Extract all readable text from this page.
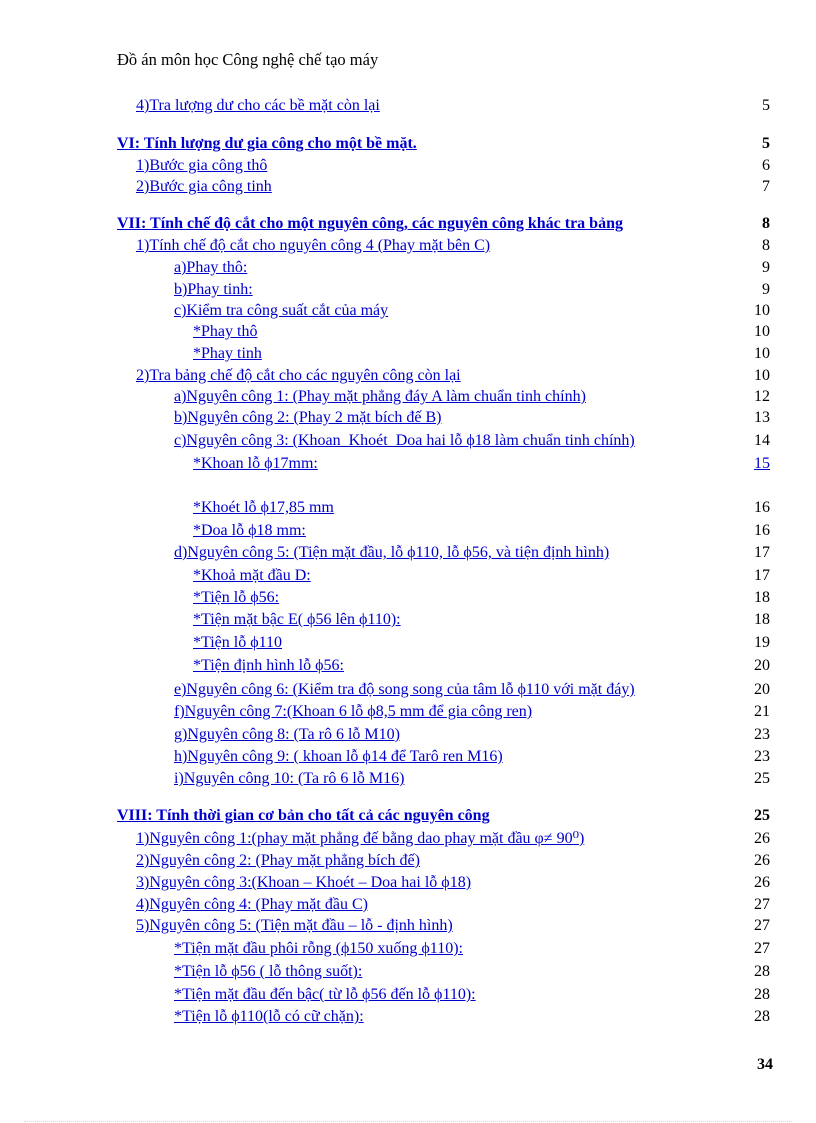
Đồ án môn học Công nghệ chế tạo máy
4)Tra lượng dư cho các bề mặt còn lại	5
VI: Tính lượng dư gia công cho một bề mặt.	5
1)Bước gia công thô	6
2)Bước gia công tinh	7
VII: Tính chế độ cắt cho một nguyên công, các nguyên công khác tra bảng	8
1)Tính chế độ cắt cho nguyên công 4 (Phay mặt bên C)	8
a)Phay thô:	9
b)Phay tinh:	9
c)Kiểm tra công suất cắt của máy	10
*Phay thô	10
*Phay tinh	10
2)Tra bảng chế độ cắt cho các nguyên công còn lại	10
a)Nguyên công 1: (Phay mặt phẳng đáy A làm chuẩn tinh chính)	12
b)Nguyên công 2: (Phay 2 mặt bích đế B)	13
c)Nguyên công 3: (Khoan_Khoét_Doa hai lỗ ϕ18 làm chuẩn tinh chính)	14
*Khoan lỗ ϕ17mm:	15
*Khoét lỗ ϕ17,85 mm	16
*Doa lỗ ϕ18 mm:	16
d)Nguyên công 5: (Tiện mặt đầu, lỗ ϕ110, lỗ ϕ56, và tiện định hình)	17
*Khoả mặt đầu D:	17
*Tiện lỗ ϕ56:	18
*Tiện mặt bậc E( ϕ56 lên ϕ110):	18
*Tiện lỗ ϕ110	19
*Tiện định hình lỗ ϕ56:	20
e)Nguyên công 6: (Kiểm tra độ song song của tâm lỗ ϕ110 với mặt đáy)	20
f)Nguyên công 7:(Khoan 6 lỗ ϕ8,5 mm để gia công ren)	21
g)Nguyên công 8: (Ta rô 6 lỗ M10)	23
h)Nguyên công 9: ( khoan lỗ ϕ14 để Tarô ren M16)	23
i)Nguyên công 10: (Ta rô 6 lỗ M16)	25
VIII: Tính thời gian cơ bản cho tất cả các nguyên công	25
1)Nguyên công 1:(phay mặt phẳng đế bằng dao phay mặt đầu φ≠ 90⁰)	26
2)Nguyên công 2: (Phay mặt phẳng bích đế)	26
3)Nguyên công 3:(Khoan – Khoét – Doa hai lỗ ϕ18)	26
4)Nguyên công 4: (Phay mặt đầu C)	27
5)Nguyên công 5: (Tiện mặt đầu – lỗ - định hình)	27
*Tiện mặt đầu phôi rỗng (ϕ150 xuống ϕ110):	27
*Tiện lỗ ϕ56 ( lỗ thông suốt):	28
*Tiện mặt đầu đến bậc( từ lỗ ϕ56 đến lỗ ϕ110):	28
*Tiện lỗ ϕ110(lỗ có cữ chặn):	28
34
